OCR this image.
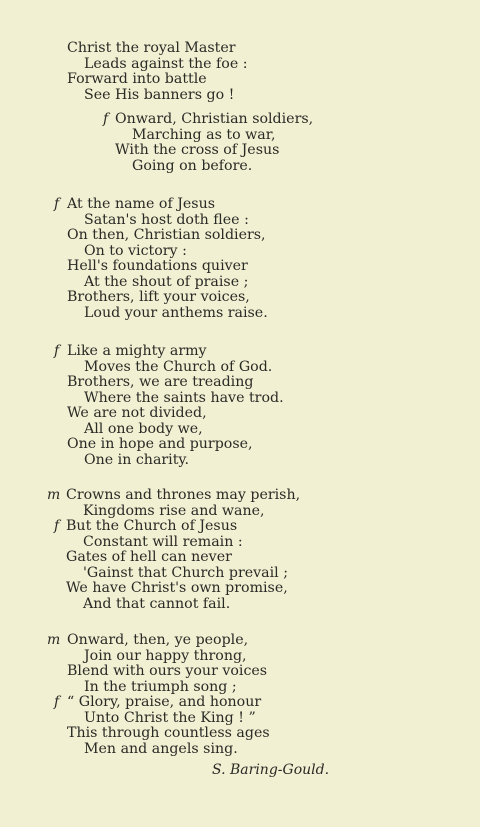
Christ the royal Master
Leads against the foe :
Forward into battle
See His banners go !
Onward, Christian soldiers,
f
Marching as to war,
With the cross of Jesus
Going on before.
At the name of Jesus
f
Satan's host doth flee :
On then, Christian soldiers,
On to victory :
Hell's foundations quiver
At the shout of praise ;
Brothers, lift your voices,
Loud your anthems raise.
Like a mighty army
f
Moves the Church of God.
Brothers, we are treading
Where the saints have trod.
We are not divided,
All one body we,
One in hope and purpose,
One in charity.
Crowns and thrones may perish,
m
Kingdoms rise and wane,
But the Church of Jesus
f
Constant will remain :
Gates of hell can never
'Gainst that Church prevail ;
We have Christ's own promise,
And that cannot fail.
Onward, then, ye people,
m
Join our happy throng,
Blend with ours your voices
In the triumph song ;
“ Glory, praise, and honour
f
Unto Christ the King ! ”
This through countless ages
Men and angels sing.
S. Baring-Gould.
